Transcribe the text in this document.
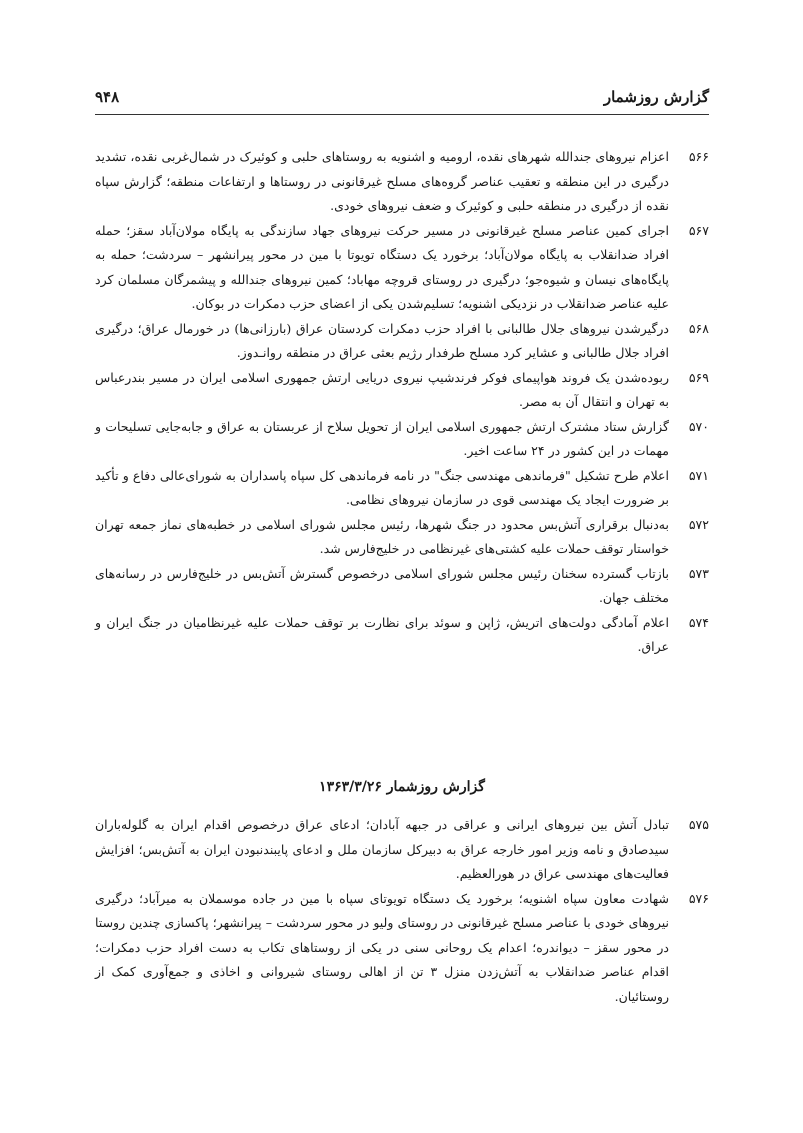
گزارش روزشمار
۹۴۸

۵۶۶
اعزام نیروهای جندالله شهرهای نقده، ارومیه و اشنویه به روستاهای حلبی و کوئیرک در شمال‌غربی نقده، تشدید درگیری در این منطقه و تعقیب عناصر گروه‌های مسلح غیرقانونی در روستاها و ارتفاعات منطقه؛ گزارش سپاه نقده از درگیری در منطقه حلبی و کوئیرک و ضعف نیروهای خودی.

۵۶۷
اجرای کمین عناصر مسلح غیرقانونی در مسیر حرکت نیروهای جهاد سازندگی به پایگاه مولان‌آباد سقز؛ حمله افراد ضدانقلاب به پایگاه مولان‌آباد؛ برخورد یک دستگاه تویوتا با مین در محور پیرانشهر – سردشت؛ حمله به پایگاه‌های نیسان و شیوه‌جو؛ درگیری در روستای قروچه مهاباد؛ کمین نیروهای جندالله و پیشمرگان مسلمان کرد علیه عناصر ضدانقلاب در نزدیکی اشنویه؛ تسلیم‌شدن یکی از اعضای حزب دمکرات در بوکان.

۵۶۸
درگیرشدن نیروهای جلال طالبانی با افراد حزب دمکرات کردستان عراق (بارزانی‌ها) در خورمال عراق؛ درگیری افراد جلال طالبانی و عشایر کرد مسلح طرفدار رژیم بعثی عراق در منطقه روانـدوز.

۵۶۹
ربوده‌شدن یک فروند هواپیمای فوکر فرندشیپ نیروی دریایی ارتش جمهوری اسلامی ایران در مسیر بندرعباس به تهران و انتقال آن به مصر.

۵۷۰
گزارش ستاد مشترک ارتش جمهوری اسلامی ایران از تحویل سلاح از عربستان به عراق و جابه‌جایی تسلیحات و مهمات در این کشور در ۲۴ ساعت اخیر.

۵۷۱
اعلام طرح تشکیل "فرماندهی مهندسی جنگ" در نامه فرماندهی کل سپاه پاسداران به شورای‌عالی دفاع و تأکید بر ضرورت ایجاد یک مهندسی قوی در سازمان نیروهای نظامی.

۵۷۲
به‌دنبال برقراری آتش‌بس محدود در جنگ شهرها، رئیس مجلس شورای اسلامی در خطبه‌های نماز جمعه تهران خواستار توقف حملات علیه کشتی‌های غیرنظامی در خلیج‌فارس شد.

۵۷۳
بازتاب گسترده سخنان رئیس مجلس شورای اسلامی درخصوص گسترش آتش‌بس در خلیج‌فارس در رسانه‌های مختلف جهان.

۵۷۴
اعلام آمادگی دولت‌های اتریش، ژاپن و سوئد برای نظارت بر توقف حملات علیه غیرنظامیان در جنگ ایران و عراق.

گزارش روزشمار ۱۳۶۳/۳/۲۶

۵۷۵
تبادل آتش بین نیروهای ایرانی و عراقی در جبهه آبادان؛ ادعای عراق درخصوص اقدام ایران به گلوله‌باران سیدصادق و نامه وزیر امور خارجه عراق به دبیرکل سازمان ملل و ادعای پایبندنبودن ایران به آتش‌بس؛ افزایش فعالیت‌های مهندسی عراق در هورالعظیم.

۵۷۶
شهادت معاون سپاه اشنویه؛ برخورد یک دستگاه تویوتای سپاه با مین در جاده موسملان به میرآباد؛ درگیری نیروهای خودی با عناصر مسلح غیرقانونی در روستای ولیو در محور سردشت – پیرانشهر؛ پاکسازی چندین روستا در محور سقز – دیواندره؛ اعدام یک روحانی سنی در یکی از روستاهای تکاب به دست افراد حزب دمکرات؛ اقدام عناصر ضدانقلاب به آتش‌زدن منزل ۳ تن از اهالی روستای شیروانی و اخاذی و جمع‌آوری کمک از روستائیان.
